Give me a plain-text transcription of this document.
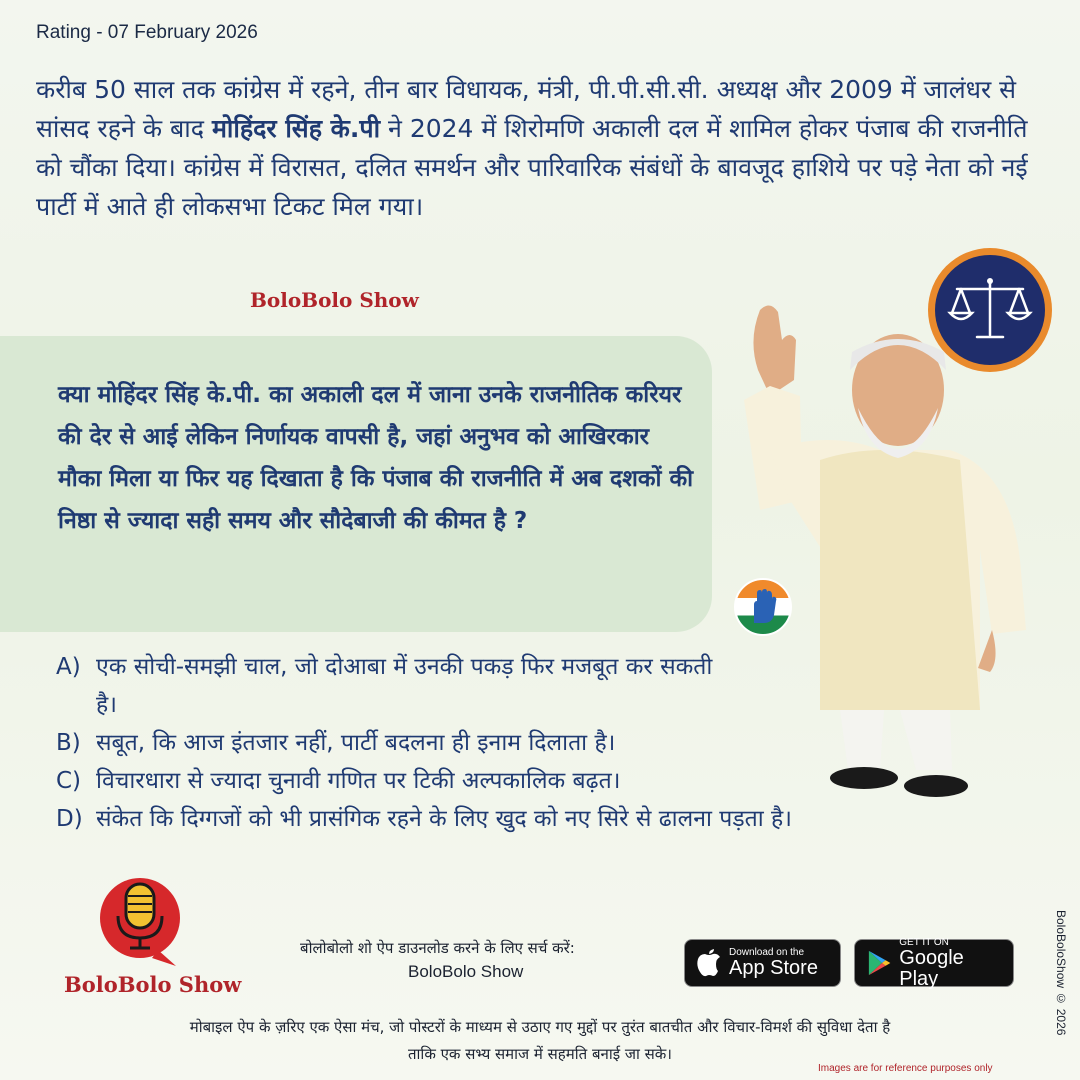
Rating - 07 February 2026
करीब 50 साल तक कांग्रेस में रहने, तीन बार विधायक, मंत्री, पी.पी.सी.सी. अध्यक्ष और 2009 में जालंधर से सांसद रहने के बाद मोहिंदर सिंह के.पी ने 2024 में शिरोमणि अकाली दल में शामिल होकर पंजाब की राजनीति को चौंका दिया। कांग्रेस में विरासत, दलित समर्थन और पारिवारिक संबंधों के बावजूद हाशिये पर पड़े नेता को नई पार्टी में आते ही लोकसभा टिकट मिल गया।
BoloBolo Show
क्या मोहिंदर सिंह के.पी. का अकाली दल में जाना उनके राजनीतिक करियर की देर से आई लेकिन निर्णायक वापसी है, जहां अनुभव को आखिरकार मौका मिला या फिर यह दिखाता है कि पंजाब की राजनीति में अब दशकों की निष्ठा से ज्यादा सही समय और सौदेबाजी की कीमत है ?
A) एक सोची-समझी चाल, जो दोआबा में उनकी पकड़ फिर मजबूत कर सकती है।
B) सबूत, कि आज इंतजार नहीं, पार्टी बदलना ही इनाम दिलाता है।
C) विचारधारा से ज्यादा चुनावी गणित पर टिकी अल्पकालिक बढ़त।
D) संकेत कि दिग्गजों को भी प्रासंगिक रहने के लिए खुद को नए सिरे से ढालना पड़ता है।
BoloBolo Show
बोलोबोलो शो ऐप डाउनलोड करने के लिए सर्च करें:
BoloBolo Show
Download on the
App Store
GET IT ON
Google Play
मोबाइल ऐप के ज़रिए एक ऐसा मंच, जो पोस्टरों के माध्यम से उठाए गए मुद्दों पर तुरंत बातचीत और विचार-विमर्श की सुविधा देता है
ताकि एक सभ्य समाज में सहमति बनाई जा सके।
BoloBoloShow © 2026
Images are for reference purposes only
